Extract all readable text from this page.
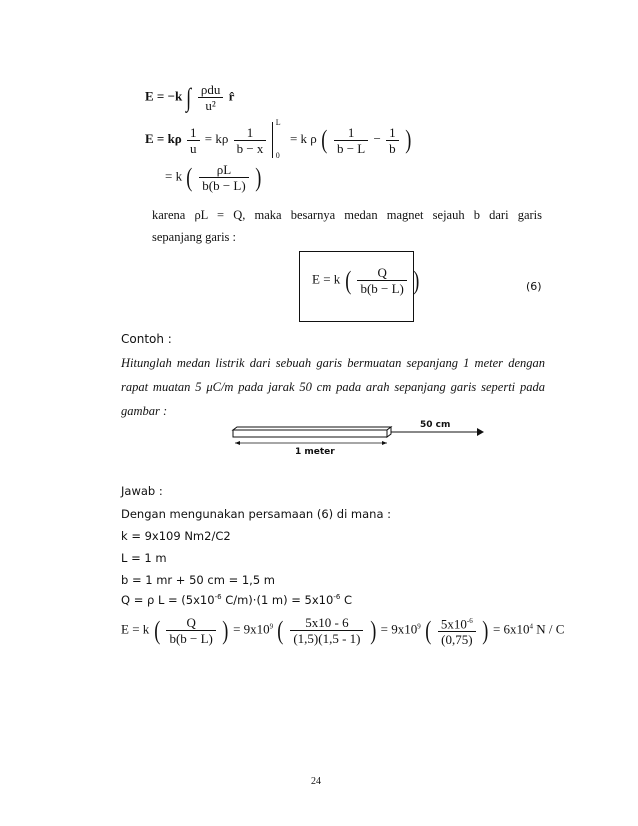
E = −k ∫ $\frac{\text{ρdu}}{\text{u²}}$ r̂
E = kρ $\frac{1}{u} = k\rho \frac{1}{b - x}$

L
0
= k ρ ( $\frac{1}{b - L} - \frac{1}{b}$ )
= k ( $\frac{\rho L}{b(b - L)}$ )
karena ρL = Q, maka besarnya medan magnet sejauh b dari garis
sepanjang garis :
E = k ( $\frac{Q}{b(b - L)}$ )	(6)
Contoh :
Hitunglah medan listrik dari sebuah garis bermuatan sepanjang 1 meter dengan
rapat muatan 5 μC/m pada jarak 50 cm pada arah sepanjang garis seperti pada
gambar :
50 cm
1 meter
Jawab :
Dengan mengunakan persamaan (6) di mana :
k = 9x109 Nm2/C2
L = 1 m
b = 1 mr + 50 cm = 1,5 m
Q = ρ $L = (5x10^{-6}$ C/m)·(1 $m) = 5x10^{-6}$ C
E = k ( $\frac{Q}{b(b - L)}$ ) = $9x10^9$ ( $\frac{5x10 - 6}{(1,5)(1,5 - 1)}$ ) = $9x10^9$ ( $\frac{5x10^{-6}}{(0,75)}$ ) = $6x10^4$ N / C
24
